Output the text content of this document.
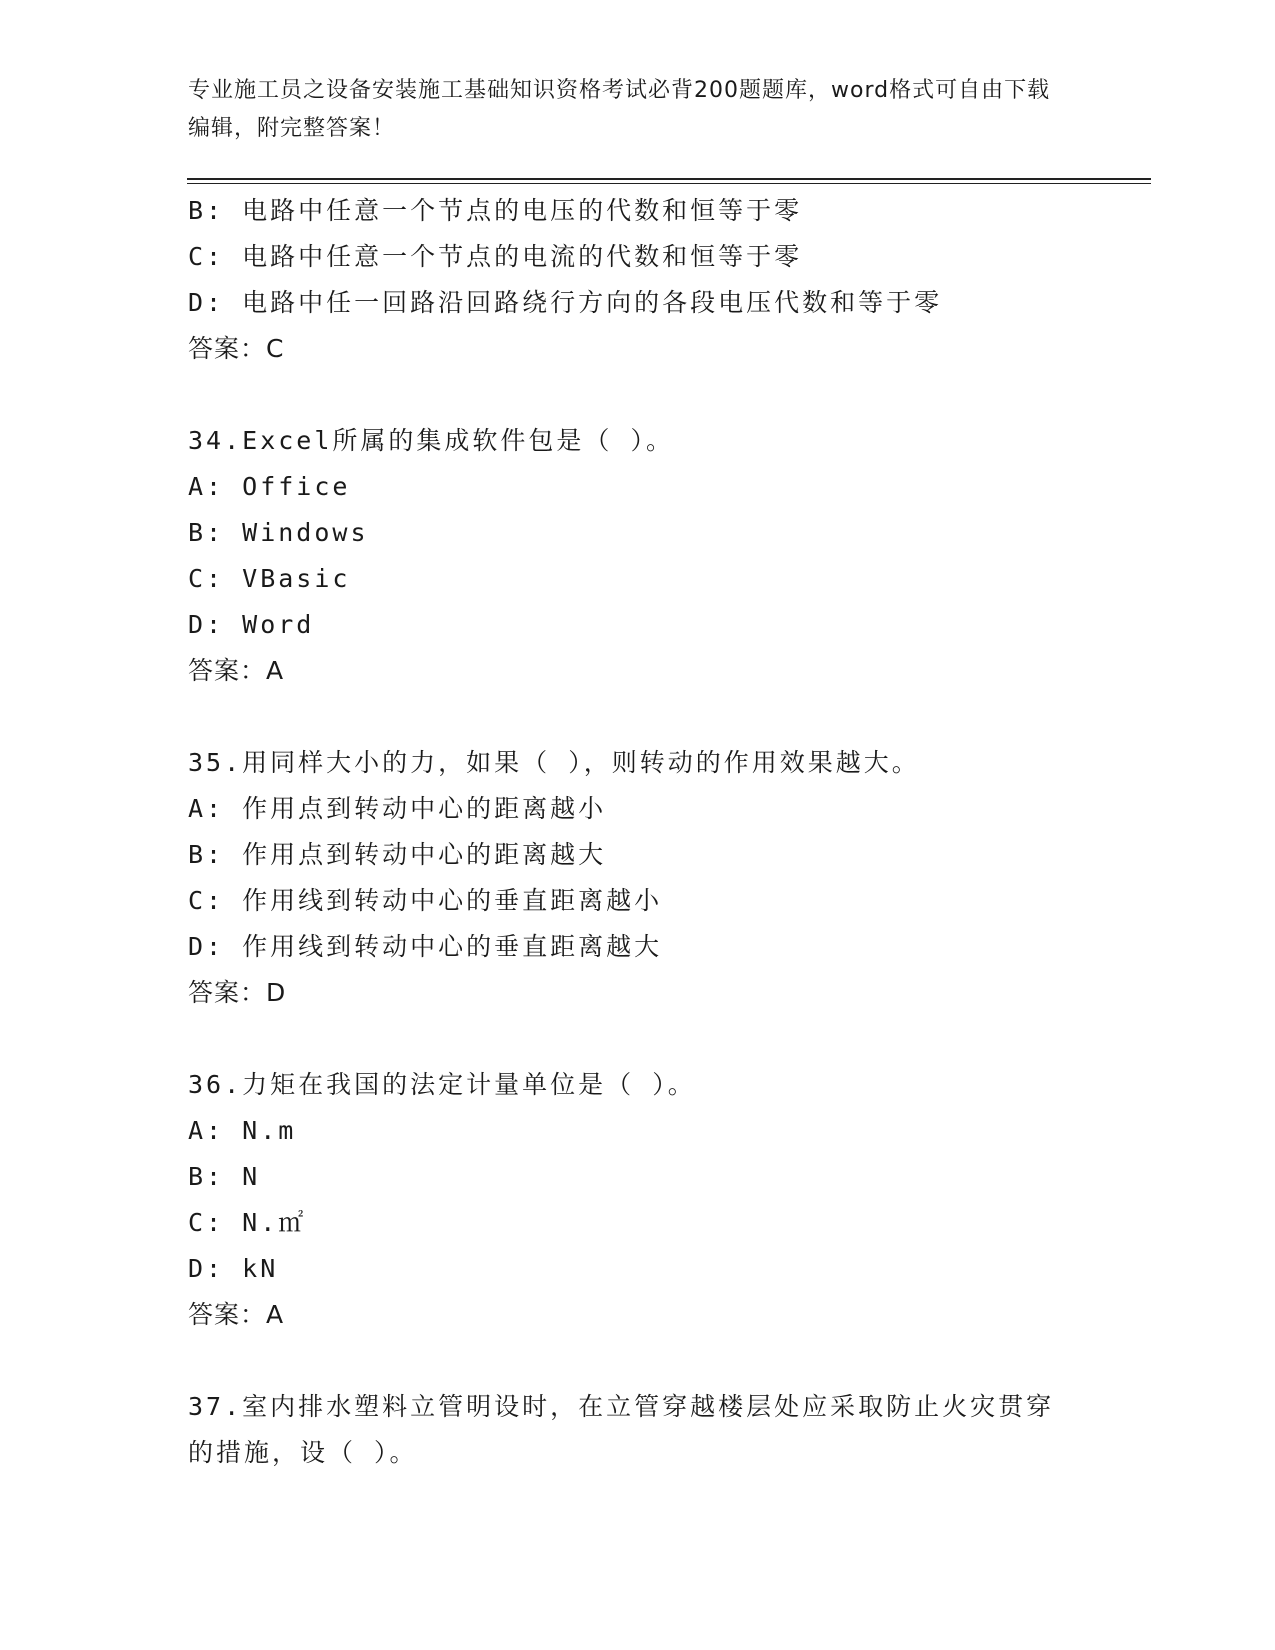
专业施工员之设备安装施工基础知识资格考试必背200题题库，word格式可自由下载编辑，附完整答案！
B: 电路中任意一个节点的电压的代数和恒等于零
C: 电路中任意一个节点的电流的代数和恒等于零
D: 电路中任一回路沿回路绕行方向的各段电压代数和等于零
答案：C
34.Excel所属的集成软件包是（ ）。
A: Office
B: Windows
C: VBasic
D: Word
答案：A
35.用同样大小的力，如果（ ），则转动的作用效果越大。
A: 作用点到转动中心的距离越小
B: 作用点到转动中心的距离越大
C: 作用线到转动中心的垂直距离越小
D: 作用线到转动中心的垂直距离越大
答案：D
36.力矩在我国的法定计量单位是（ ）。
A: N.m
B: N
C: N.㎡
D: kN
答案：A
37.室内排水塑料立管明设时，在立管穿越楼层处应采取防止火灾贯穿的措施，设（ ）。
